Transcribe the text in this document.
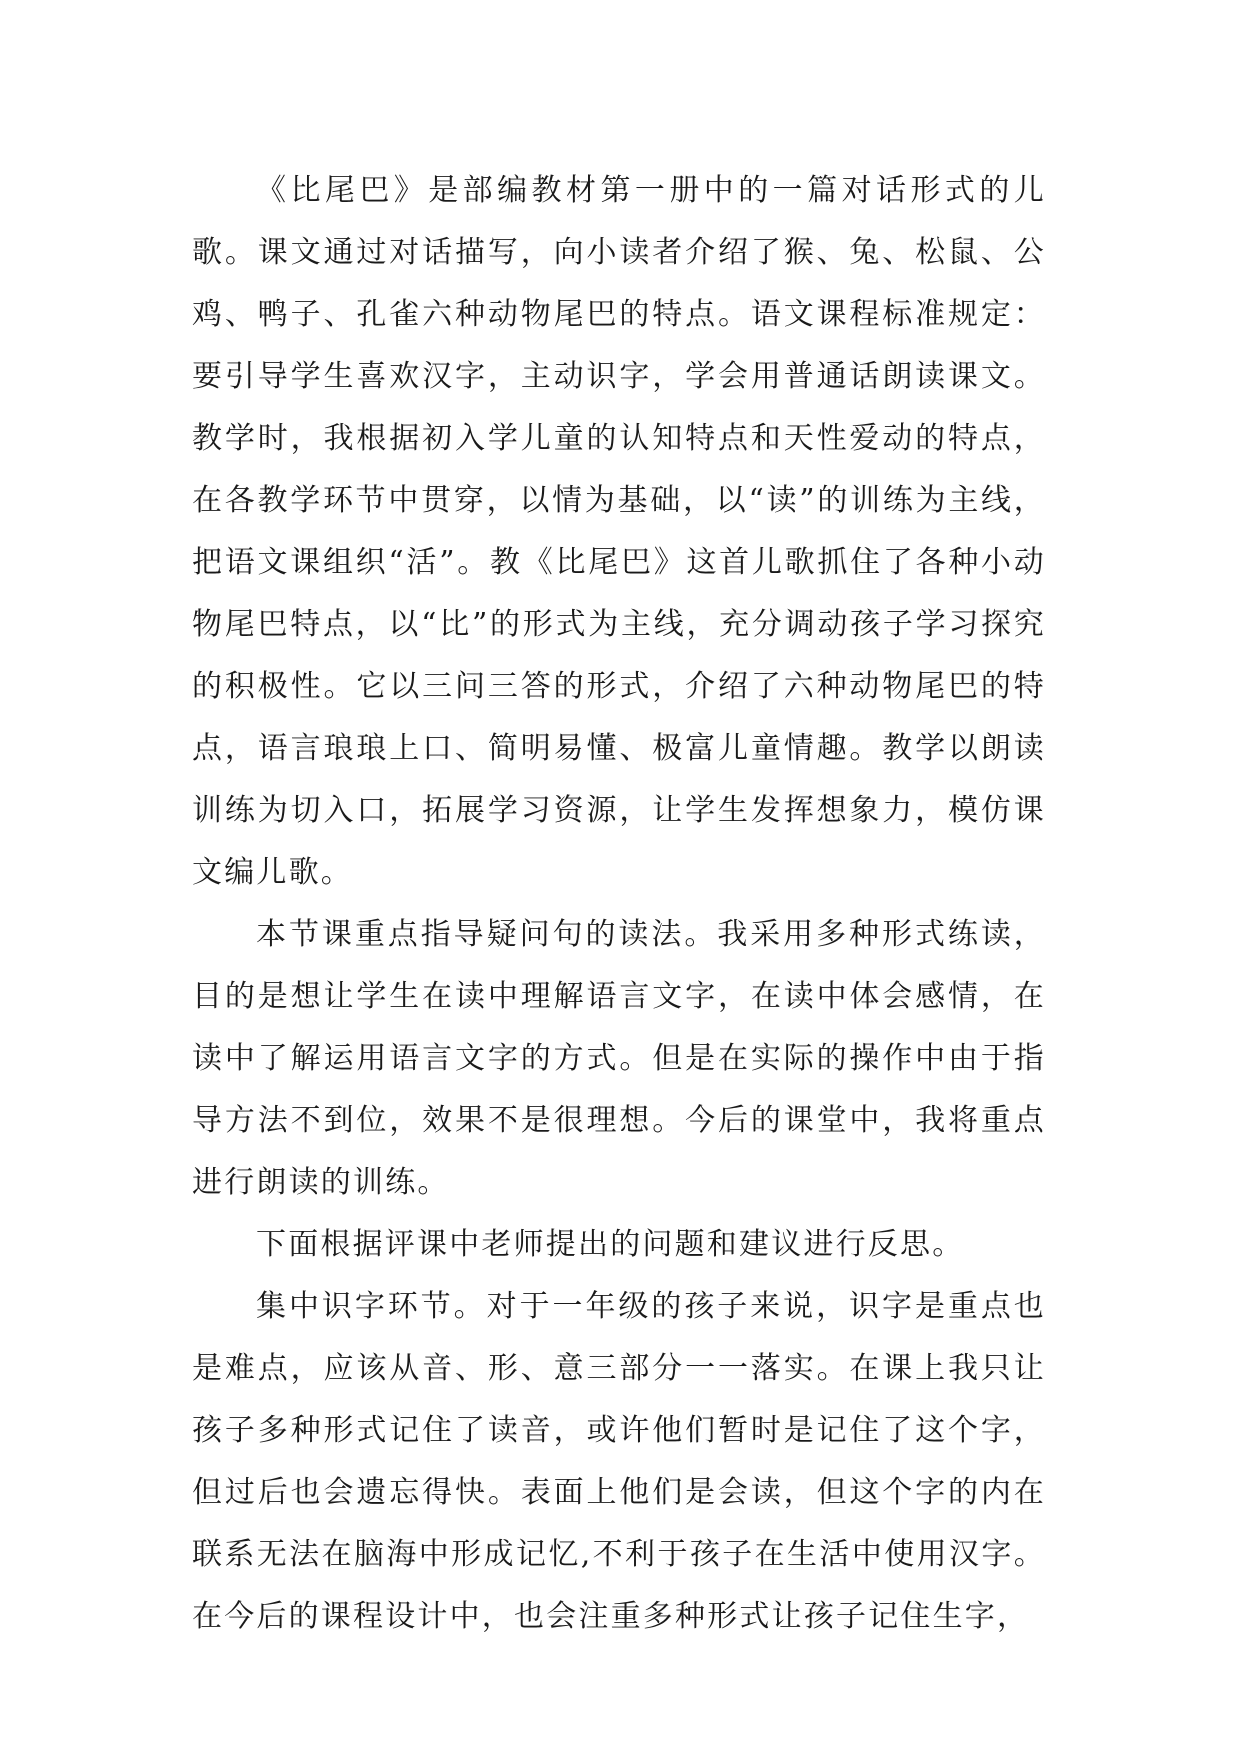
《比尾巴》是部编教材第一册中的一篇对话形式的儿歌。课文通过对话描写，向小读者介绍了猴、兔、松鼠、公鸡、鸭子、孔雀六种动物尾巴的特点。语文课程标准规定：要引导学生喜欢汉字，主动识字，学会用普通话朗读课文。教学时，我根据初入学儿童的认知特点和天性爱动的特点，在各教学环节中贯穿，以情为基础，以“读”的训练为主线，把语文课组织“活”。教《比尾巴》这首儿歌抓住了各种小动物尾巴特点，以“比”的形式为主线，充分调动孩子学习探究的积极性。它以三问三答的形式，介绍了六种动物尾巴的特点，语言琅琅上口、简明易懂、极富儿童情趣。教学以朗读训练为切入口，拓展学习资源，让学生发挥想象力，模仿课文编儿歌。

本节课重点指导疑问句的读法。我采用多种形式练读，目的是想让学生在读中理解语言文字，在读中体会感情，在读中了解运用语言文字的方式。但是在实际的操作中由于指导方法不到位，效果不是很理想。今后的课堂中，我将重点进行朗读的训练。

下面根据评课中老师提出的问题和建议进行反思。

集中识字环节。对于一年级的孩子来说，识字是重点也是难点，应该从音、形、意三部分一一落实。在课上我只让孩子多种形式记住了读音，或许他们暂时是记住了这个字，但过后也会遗忘得快。表面上他们是会读，但这个字的内在联系无法在脑海中形成记忆,不利于孩子在生活中使用汉字。在今后的课程设计中，也会注重多种形式让孩子记住生字，
